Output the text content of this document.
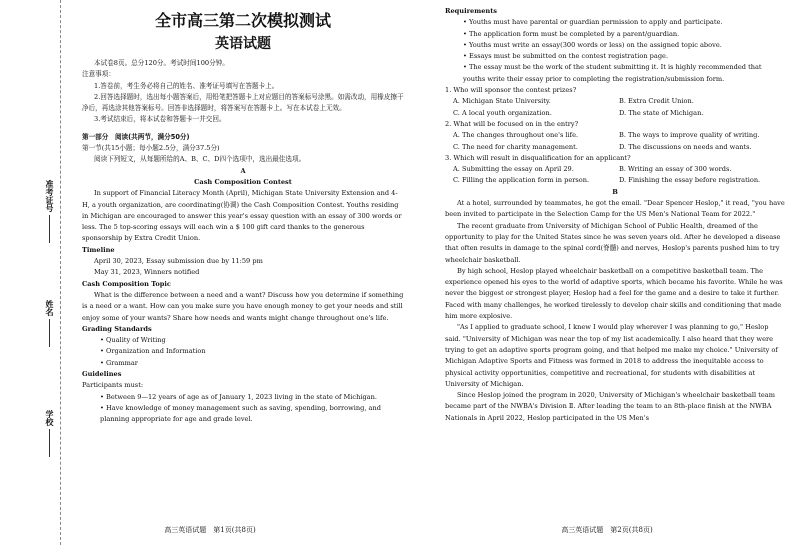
准考证号
姓名
学校
全市高三第二次模拟测试
英语试题

本试卷8页。总分120分。考试时间100分钟。

注意事项：

1.答卷前，考生务必将自己的姓名、准考证号填写在答题卡上。

2.回答选择题时，选出每小题答案后，用铅笔把答题卡上对应题目的答案标号涂黑。如需改动，用橡皮擦干净后，再选涂其他答案标号。回答非选择题时，将答案写在答题卡上。写在本试卷上无效。

3.考试结束后，将本试卷和答题卡一并交回。

第一部分　阅读(共两节，满分50分)

第一节(共15小题；每小题2.5分，满分37.5分)

阅读下列短文，从每题所给的A、B、C、D四个选项中，选出最佳选项。

A

Cash Composition Contest

In support of Financial Literacy Month (April), Michigan State University Extension and 4-H, a youth organization, are coordinating(协调) the Cash Composition Contest. Youths residing in Michigan are encouraged to answer this year's essay question with an essay of 300 words or less. The 5 top-scoring essays will each win a $ 100 gift card thanks to the generous sponsorship by Extra Credit Union.

Timeline

April 30, 2023, Essay submission due by 11:59 pm

May 31, 2023, Winners notified

Cash Composition Topic

What is the difference between a need and a want? Discuss how you determine if something is a need or a want. How can you make sure you have enough money to get your needs and still enjoy some of your wants? Share how needs and wants might change throughout one's life.

Grading Standards

• Quality of Writing

• Organization and Information

• Grammar

Guidelines

Participants must:

• Between 9—12 years of age as of January 1, 2023 living in the state of Michigan.

• Have knowledge of money management such as saving, spending, borrowing, and planning appropriate for age and grade level.

高三英语试题　第1页(共8页)

Requirements

• Youths must have parental or guardian permission to apply and participate.

• The application form must be completed by a parent/guardian.

• Youths must write an essay(300 words or less) on the assigned topic above.

• Essays must be submitted on the contest registration page.

• The essay must be the work of the student submitting it. It is highly recommended that youths write their essay prior to completing the registration/submission form.

1. Who will sponsor the contest prizes?

A. Michigan State University.	B. Extra Credit Union.
C. A local youth organization.	D. The state of Michigan.

2. What will be focused on in the entry?

A. The changes throughout one's life.	B. The ways to improve quality of writing.
C. The need for charity management.	D. The discussions on needs and wants.

3. Which will result in disqualification for an applicant?

A. Submitting the essay on April 29.	B. Writing an essay of 300 words.
C. Filling the application form in person.	D. Finishing the essay before registration.

B

At a hotel, surrounded by teammates, he got the email. "Dear Spencer Heslop," it read, "you have been invited to participate in the Selection Camp for the US Men's National Team for 2022."

The recent graduate from University of Michigan School of Public Health, dreamed of the opportunity to play for the United States since he was seven years old. After he developed a disease that often results in damage to the spinal cord(脊髓) and nerves, Heslop's parents pushed him to try wheelchair basketball.

By high school, Heslop played wheelchair basketball on a competitive basketball team. The experience opened his eyes to the world of adaptive sports, which became his favorite. While he was never the biggest or strongest player, Heslop had a feel for the game and a desire to take it further. Faced with many challenges, he worked tirelessly to develop chair skills and conditioning that made him more explosive.

"As I applied to graduate school, I knew I would play wherever I was planning to go," Heslop said. "University of Michigan was near the top of my list academically. I also heard that they were trying to get an adaptive sports program going, and that helped me make my choice." University of Michigan Adaptive Sports and Fitness was formed in 2018 to address the inequitable access to physical activity opportunities, competitive and recreational, for students with disabilities at University of Michigan.

Since Heslop joined the program in 2020, University of Michigan's wheelchair basketball team became part of the NWBA's Division Ⅱ. After leading the team to an 8th-place finish at the NWBA Nationals in April 2022, Heslop participated in the US Men's

高三英语试题　第2页(共8页)
